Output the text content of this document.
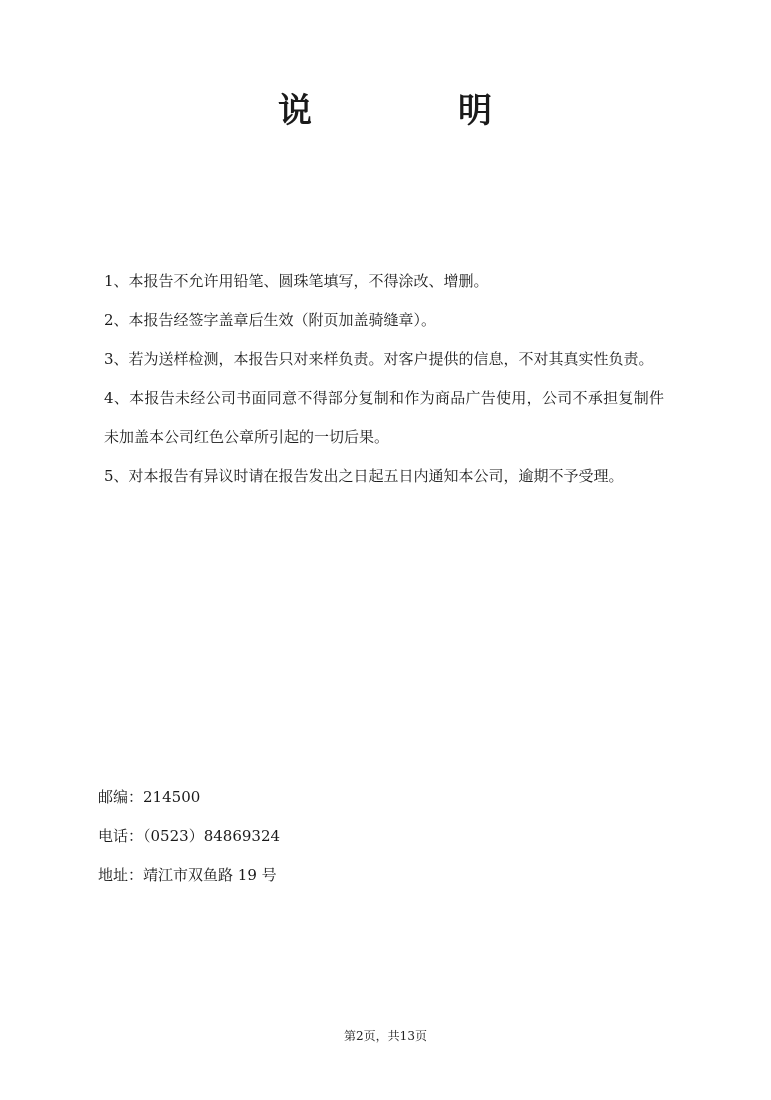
说	明

1、本报告不允许用铅笔、圆珠笔填写，不得涂改、增删。

2、本报告经签字盖章后生效（附页加盖骑缝章）。

3、若为送样检测，本报告只对来样负责。对客户提供的信息，不对其真实性负责。

4、本报告未经公司书面同意不得部分复制和作为商品广告使用，公司不承担复制件未加盖本公司红色公章所引起的一切后果。

5、对本报告有异议时请在报告发出之日起五日内通知本公司，逾期不予受理。

邮编：214500

电话：（0523）84869324

地址：靖江市双鱼路 19 号

第2页，共13页
